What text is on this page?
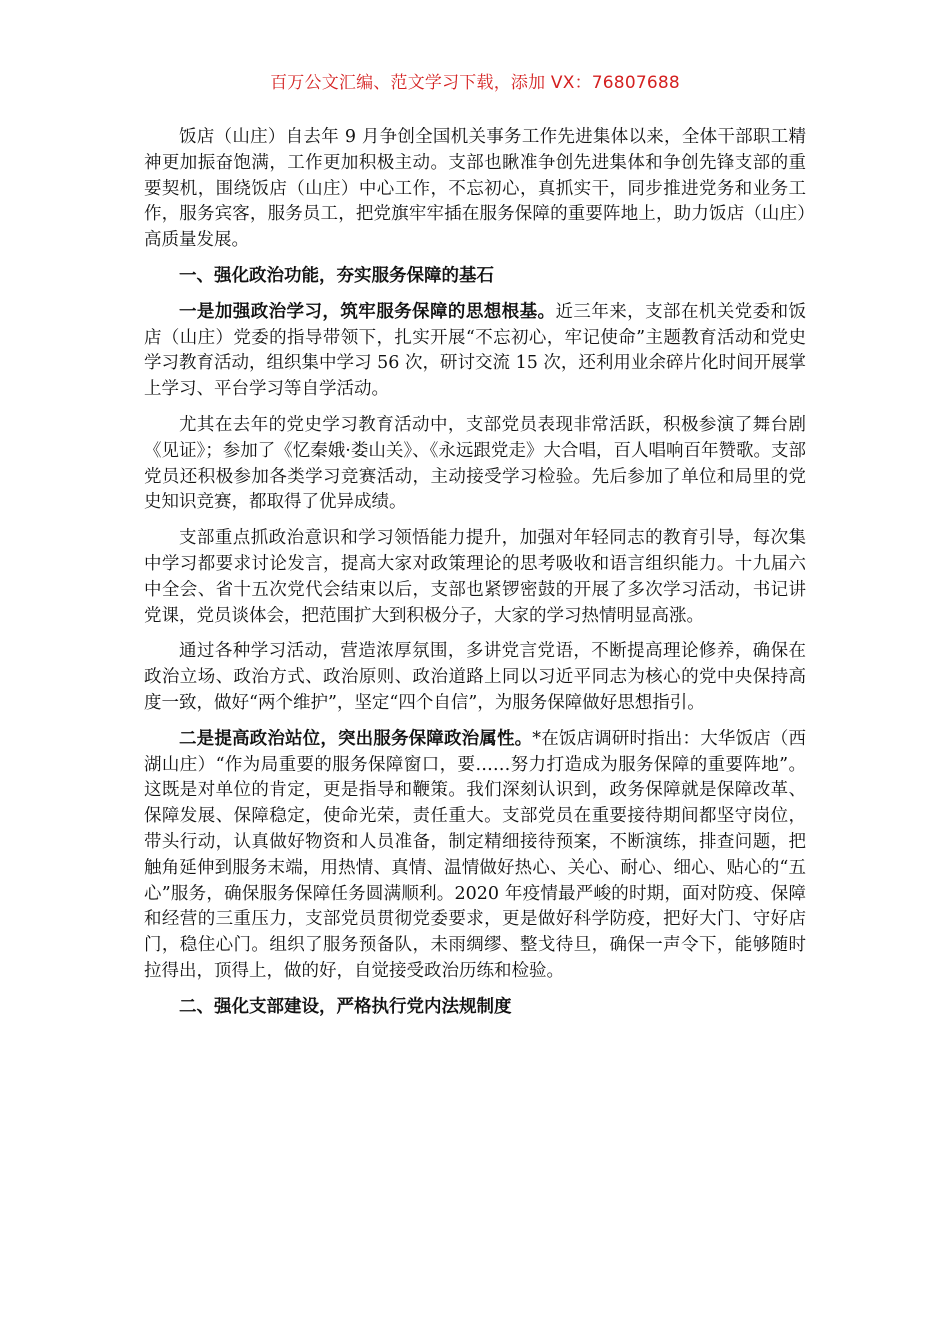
百万公文汇编、范文学习下载，添加 VX：76807688

饭店（山庄）自去年 9 月争创全国机关事务工作先进集体以来，全体干部职工精神更加振奋饱满，工作更加积极主动。支部也瞅准争创先进集体和争创先锋支部的重要契机，围绕饭店（山庄）中心工作，不忘初心，真抓实干，同步推进党务和业务工作，服务宾客，服务员工，把党旗牢牢插在服务保障的重要阵地上，助力饭店（山庄）高质量发展。

一、强化政治功能，夯实服务保障的基石

一是加强政治学习，筑牢服务保障的思想根基。近三年来，支部在机关党委和饭店（山庄）党委的指导带领下，扎实开展“不忘初心，牢记使命”主题教育活动和党史学习教育活动，组织集中学习 56 次，研讨交流 15 次，还利用业余碎片化时间开展掌上学习、平台学习等自学活动。

尤其在去年的党史学习教育活动中，支部党员表现非常活跃，积极参演了舞台剧《见证》；参加了《忆秦娥·娄山关》、《永远跟党走》大合唱，百人唱响百年赞歌。支部党员还积极参加各类学习竞赛活动，主动接受学习检验。先后参加了单位和局里的党史知识竞赛，都取得了优异成绩。

支部重点抓政治意识和学习领悟能力提升，加强对年轻同志的教育引导，每次集中学习都要求讨论发言，提高大家对政策理论的思考吸收和语言组织能力。十九届六中全会、省十五次党代会结束以后，支部也紧锣密鼓的开展了多次学习活动，书记讲党课，党员谈体会，把范围扩大到积极分子，大家的学习热情明显高涨。

通过各种学习活动，营造浓厚氛围，多讲党言党语，不断提高理论修养，确保在政治立场、政治方式、政治原则、政治道路上同以习近平同志为核心的党中央保持高度一致，做好“两个维护”，坚定“四个自信”，为服务保障做好思想指引。

二是提高政治站位，突出服务保障政治属性。*在饭店调研时指出：大华饭店（西湖山庄）“作为局重要的服务保障窗口，要……努力打造成为服务保障的重要阵地”。这既是对单位的肯定，更是指导和鞭策。我们深刻认识到，政务保障就是保障改革、保障发展、保障稳定，使命光荣，责任重大。支部党员在重要接待期间都坚守岗位，带头行动，认真做好物资和人员准备，制定精细接待预案，不断演练，排查问题，把触角延伸到服务末端，用热情、真情、温情做好热心、关心、耐心、细心、贴心的“五心”服务，确保服务保障任务圆满顺利。2020 年疫情最严峻的时期，面对防疫、保障和经营的三重压力，支部党员贯彻党委要求，更是做好科学防疫，把好大门、守好店门，稳住心门。组织了服务预备队，未雨绸缪、整戈待旦，确保一声令下，能够随时拉得出，顶得上，做的好，自觉接受政治历练和检验。

二、强化支部建设，严格执行党内法规制度
